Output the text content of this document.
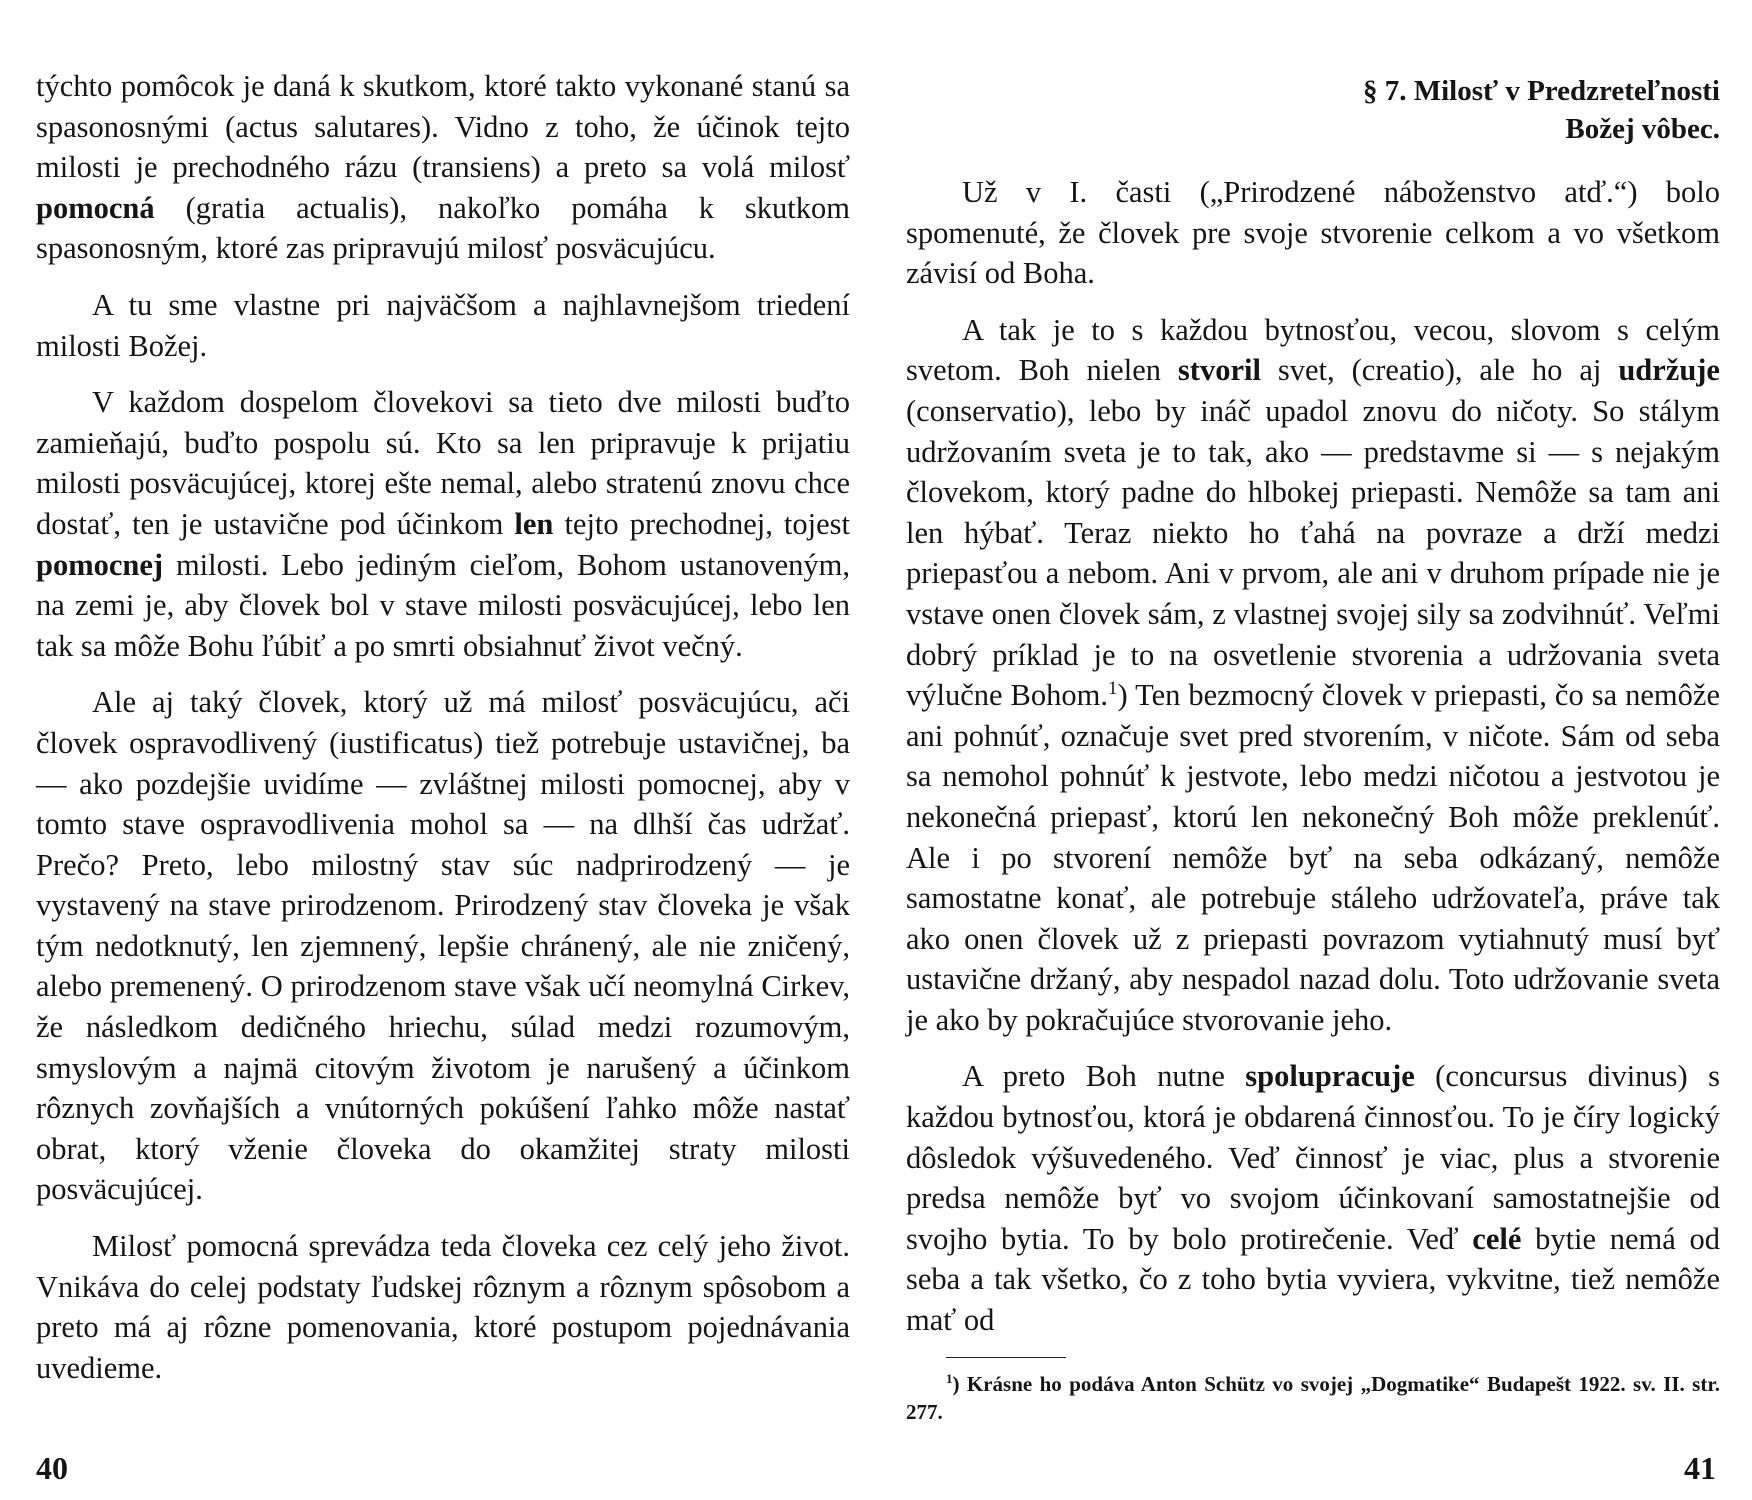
týchto pomôcok je daná k skutkom, ktoré takto vykonané stanú sa spasonosnými (actus salutares). Vidno z toho, že účinok tejto milosti je prechodného rázu (transiens) a preto sa volá milosť pomocná (gratia actualis), nakoľko pomáha k skutkom spasonosným, ktoré zas pripravujú milosť posväcujúcu.

A tu sme vlastne pri najväčšom a najhlavnejšom triedení milosti Božej.

V každom dospelom človekovi sa tieto dve milosti buďto zamieňajú, buďto pospolu sú. Kto sa len pripravuje k prijatiu milosti posväcujúcej, ktorej ešte nemal, alebo stratenú znovu chce dostať, ten je ustavične pod účinkom len tejto prechodnej, tojest pomocnej milosti. Lebo jediným cieľom, Bohom ustanoveným, na zemi je, aby človek bol v stave milosti posväcujúcej, lebo len tak sa môže Bohu ľúbiť a po smrti obsiahnuť život večný.

Ale aj taký človek, ktorý už má milosť posväcujúcu, ači človek ospravodlivený (iustificatus) tiež potrebuje ustavičnej, ba — ako pozdejšie uvidíme — zvláštnej milosti pomocnej, aby v tomto stave ospravodlivenia mohol sa — na dlhší čas udržať. Prečo? Preto, lebo milostný stav súc nadprirodzený — je vystavený na stave prirodzenom. Prirodzený stav človeka je však tým nedotknutý, len zjemnený, lepšie chránený, ale nie zničený, alebo premenený. O prirodzenom stave však učí neomylná Cirkev, že následkom dedičného hriechu, súlad medzi rozumovým, smyslovým a najmä citovým životom je narušený a účinkom rôznych zovňajších a vnútorných pokúšení ľahko môže nastať obrat, ktorý vženie človeka do okamžitej straty milosti posväcujúcej.

Milosť pomocná sprevádza teda človeka cez celý jeho život. Vnikáva do celej podstaty ľudskej rôznym a rôznym spôsobom a preto má aj rôzne pomenovania, ktoré postupom pojednávania uvedieme.

40
§ 7. Milosť v Predzreteľnosti
Božej vôbec.

Už v I. časti („Prirodzené náboženstvo atď.“) bolo spomenuté, že človek pre svoje stvorenie celkom a vo všetkom závisí od Boha.

A tak je to s každou bytnosťou, vecou, slovom s celým svetom. Boh nielen stvoril svet, (creatio), ale ho aj udržuje (conservatio), lebo by ináč upadol znovu do ničoty. So stálym udržovaním sveta je to tak, ako — predstavme si — s nejakým človekom, ktorý padne do hlbokej priepasti. Nemôže sa tam ani len hýbať. Teraz niekto ho ťahá na povraze a drží medzi priepasťou a nebom. Ani v prvom, ale ani v druhom prípade nie je vstave onen človek sám, z vlastnej svojej sily sa zodvihnúť. Veľmi dobrý príklad je to na osvetlenie stvorenia a udržovania sveta výlučne Bohom.$^1$) Ten bezmocný človek v priepasti, čo sa nemôže ani pohnúť, označuje svet pred stvorením, v ničote. Sám od seba sa nemohol pohnúť k jestvote, lebo medzi ničotou a jestvotou je nekonečná priepasť, ktorú len nekonečný Boh môže preklenúť. Ale i po stvorení nemôže byť na seba odkázaný, nemôže samostatne konať, ale potrebuje stáleho udržovateľa, práve tak ako onen človek už z priepasti povrazom vytiahnutý musí byť ustavične držaný, aby nespadol nazad dolu. Toto udržovanie sveta je ako by pokračujúce stvorovanie jeho.

A preto Boh nutne spolupracuje (concursus divinus) s každou bytnosťou, ktorá je obdarená činnosťou. To je číry logický dôsledok výšuvedeného. Veď činnosť je viac, plus a stvorenie predsa nemôže byť vo svojom účinkovaní samostatnejšie od svojho bytia. To by bolo protirečenie. Veď celé bytie nemá od seba a tak všetko, čo z toho bytia vyviera, vykvitne, tiež nemôže mať od

$^1$) Krásne ho podáva Anton Schütz vo svojej „Dogmatike“ Budapešt 1922. sv. II. str. 277.

41
